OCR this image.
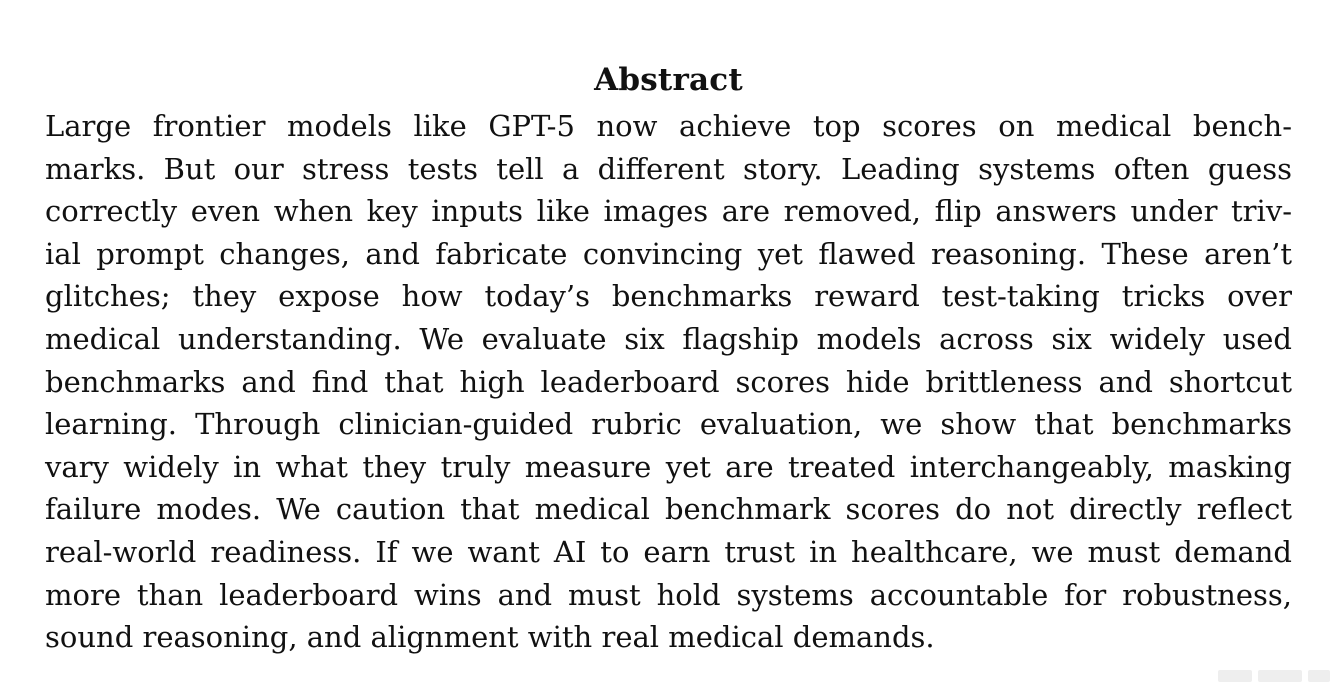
Abstract
Large frontier models like GPT-5 now achieve top scores on medical bench-
marks. But our stress tests tell a different story. Leading systems often guess
correctly even when key inputs like images are removed, flip answers under triv-
ial prompt changes, and fabricate convincing yet flawed reasoning. These aren’t
glitches; they expose how today’s benchmarks reward test-taking tricks over
medical understanding. We evaluate six flagship models across six widely used
benchmarks and find that high leaderboard scores hide brittleness and shortcut
learning. Through clinician-guided rubric evaluation, we show that benchmarks
vary widely in what they truly measure yet are treated interchangeably, masking
failure modes. We caution that medical benchmark scores do not directly reflect
real-world readiness. If we want AI to earn trust in healthcare, we must demand
more than leaderboard wins and must hold systems accountable for robustness,
sound reasoning, and alignment with real medical demands.
